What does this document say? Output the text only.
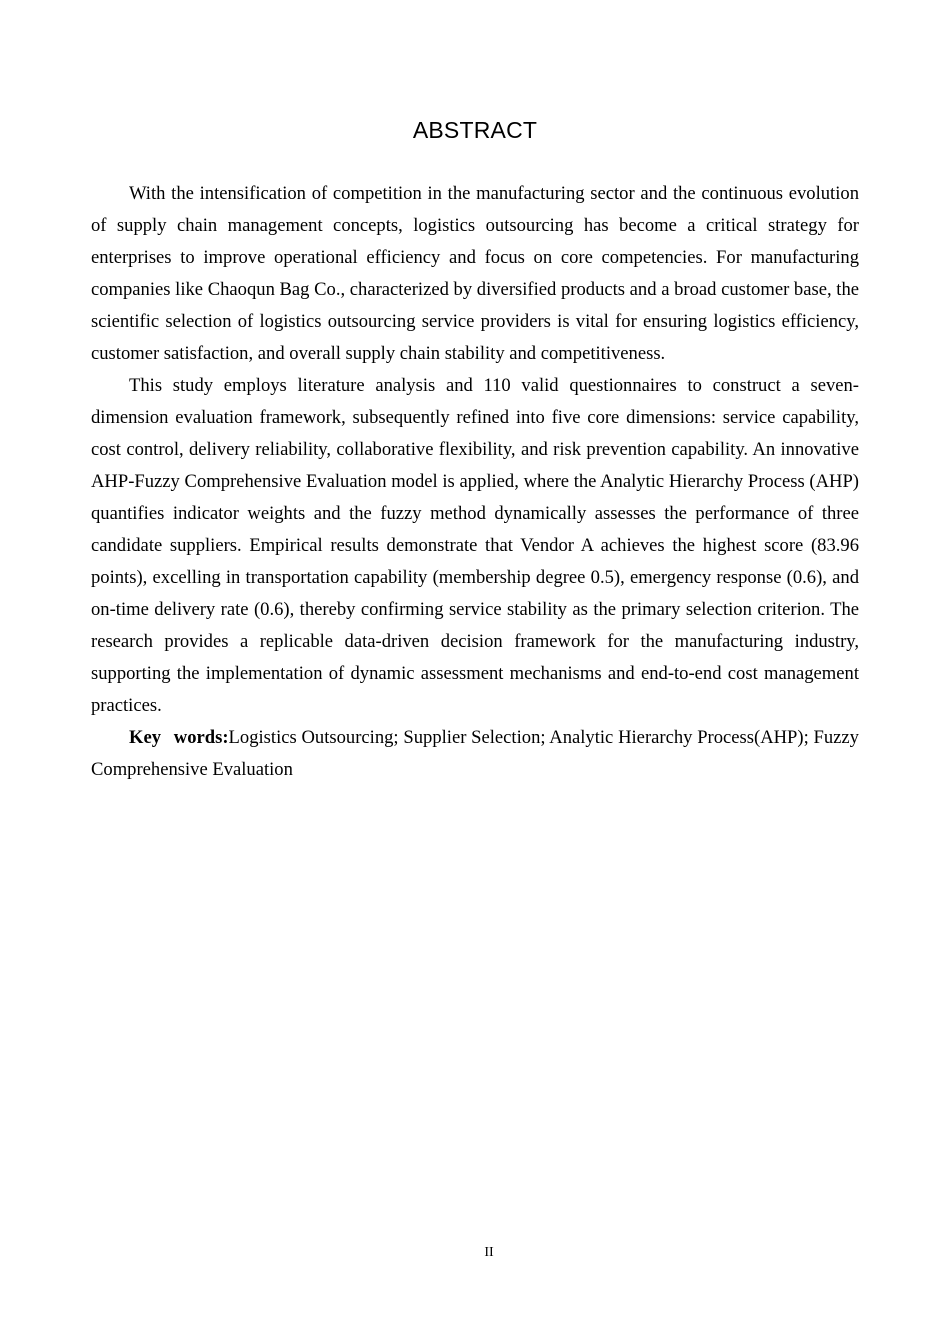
ABSTRACT

With the intensification of competition in the manufacturing sector and the continuous evolution of supply chain management concepts, logistics outsourcing has become a critical strategy for enterprises to improve operational efficiency and focus on core competencies. For manufacturing companies like Chaoqun Bag Co., characterized by diversified products and a broad customer base, the scientific selection of logistics outsourcing service providers is vital for ensuring logistics efficiency, customer satisfaction, and overall supply chain stability and competitiveness.

This study employs literature analysis and 110 valid questionnaires to construct a seven-dimension evaluation framework, subsequently refined into five core dimensions: service capability, cost control, delivery reliability, collaborative flexibility, and risk prevention capability. An innovative AHP-Fuzzy Comprehensive Evaluation model is applied, where the Analytic Hierarchy Process (AHP) quantifies indicator weights and the fuzzy method dynamically assesses the performance of three candidate suppliers. Empirical results demonstrate that Vendor A achieves the highest score (83.96 points), excelling in transportation capability (membership degree 0.5), emergency response (0.6), and on-time delivery rate (0.6), thereby confirming service stability as the primary selection criterion. The research provides a replicable data-driven decision framework for the manufacturing industry, supporting the implementation of dynamic assessment mechanisms and end-to-end cost management practices.

Key words:Logistics Outsourcing; Supplier Selection; Analytic Hierarchy Process(AHP); Fuzzy Comprehensive Evaluation

II
